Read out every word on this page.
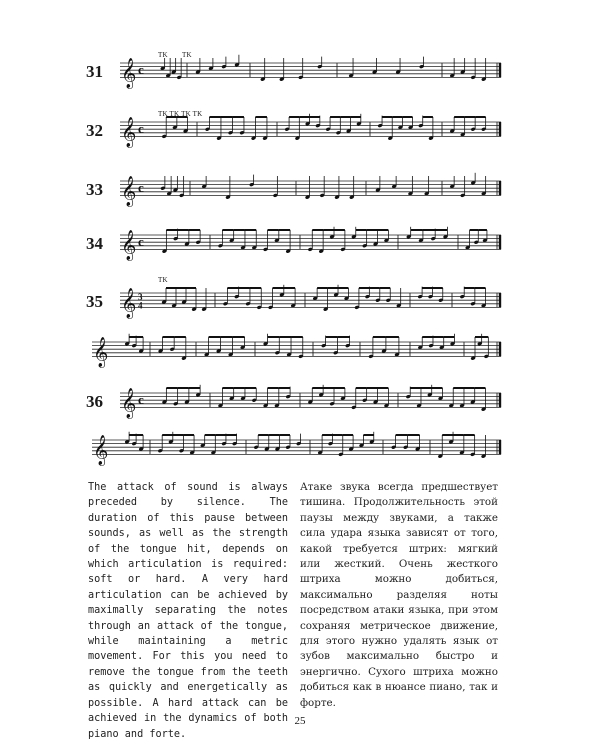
𝄞 c
𝄞 c
𝄞 c
𝄞 c
𝄞 3
4
𝄞
𝄞 c
𝄞
31
32
33
34
35
36
TK TK
TK TK TK TK
TK
The attack of sound is always preceded by silence. The duration of this pause between sounds, as well as the strength of the tongue hit, depends on which articulation is required: soft or hard. A very hard articulation can be achieved by maximally separating the notes through an attack of the tongue, while maintaining a metric movement. For this you need to remove the tongue from the teeth as quickly and energetically as possible. A hard attack can be achieved in the dynamics of both piano and forte.
Атаке звука всегда предшествует тишина. Продолжительность этой паузы между звуками, а также сила удара языка зависят от того, какой требуется штрих: мягкий или жесткий. Очень жесткого штриха можно добиться, максимально разделяя ноты посредством атаки языка, при этом сохраняя метрическое движение, для этого нужно удалять язык от зубов максимально быстро и энергично. Сухого штриха можно добиться как в нюансе пиано, так и форте.
25
